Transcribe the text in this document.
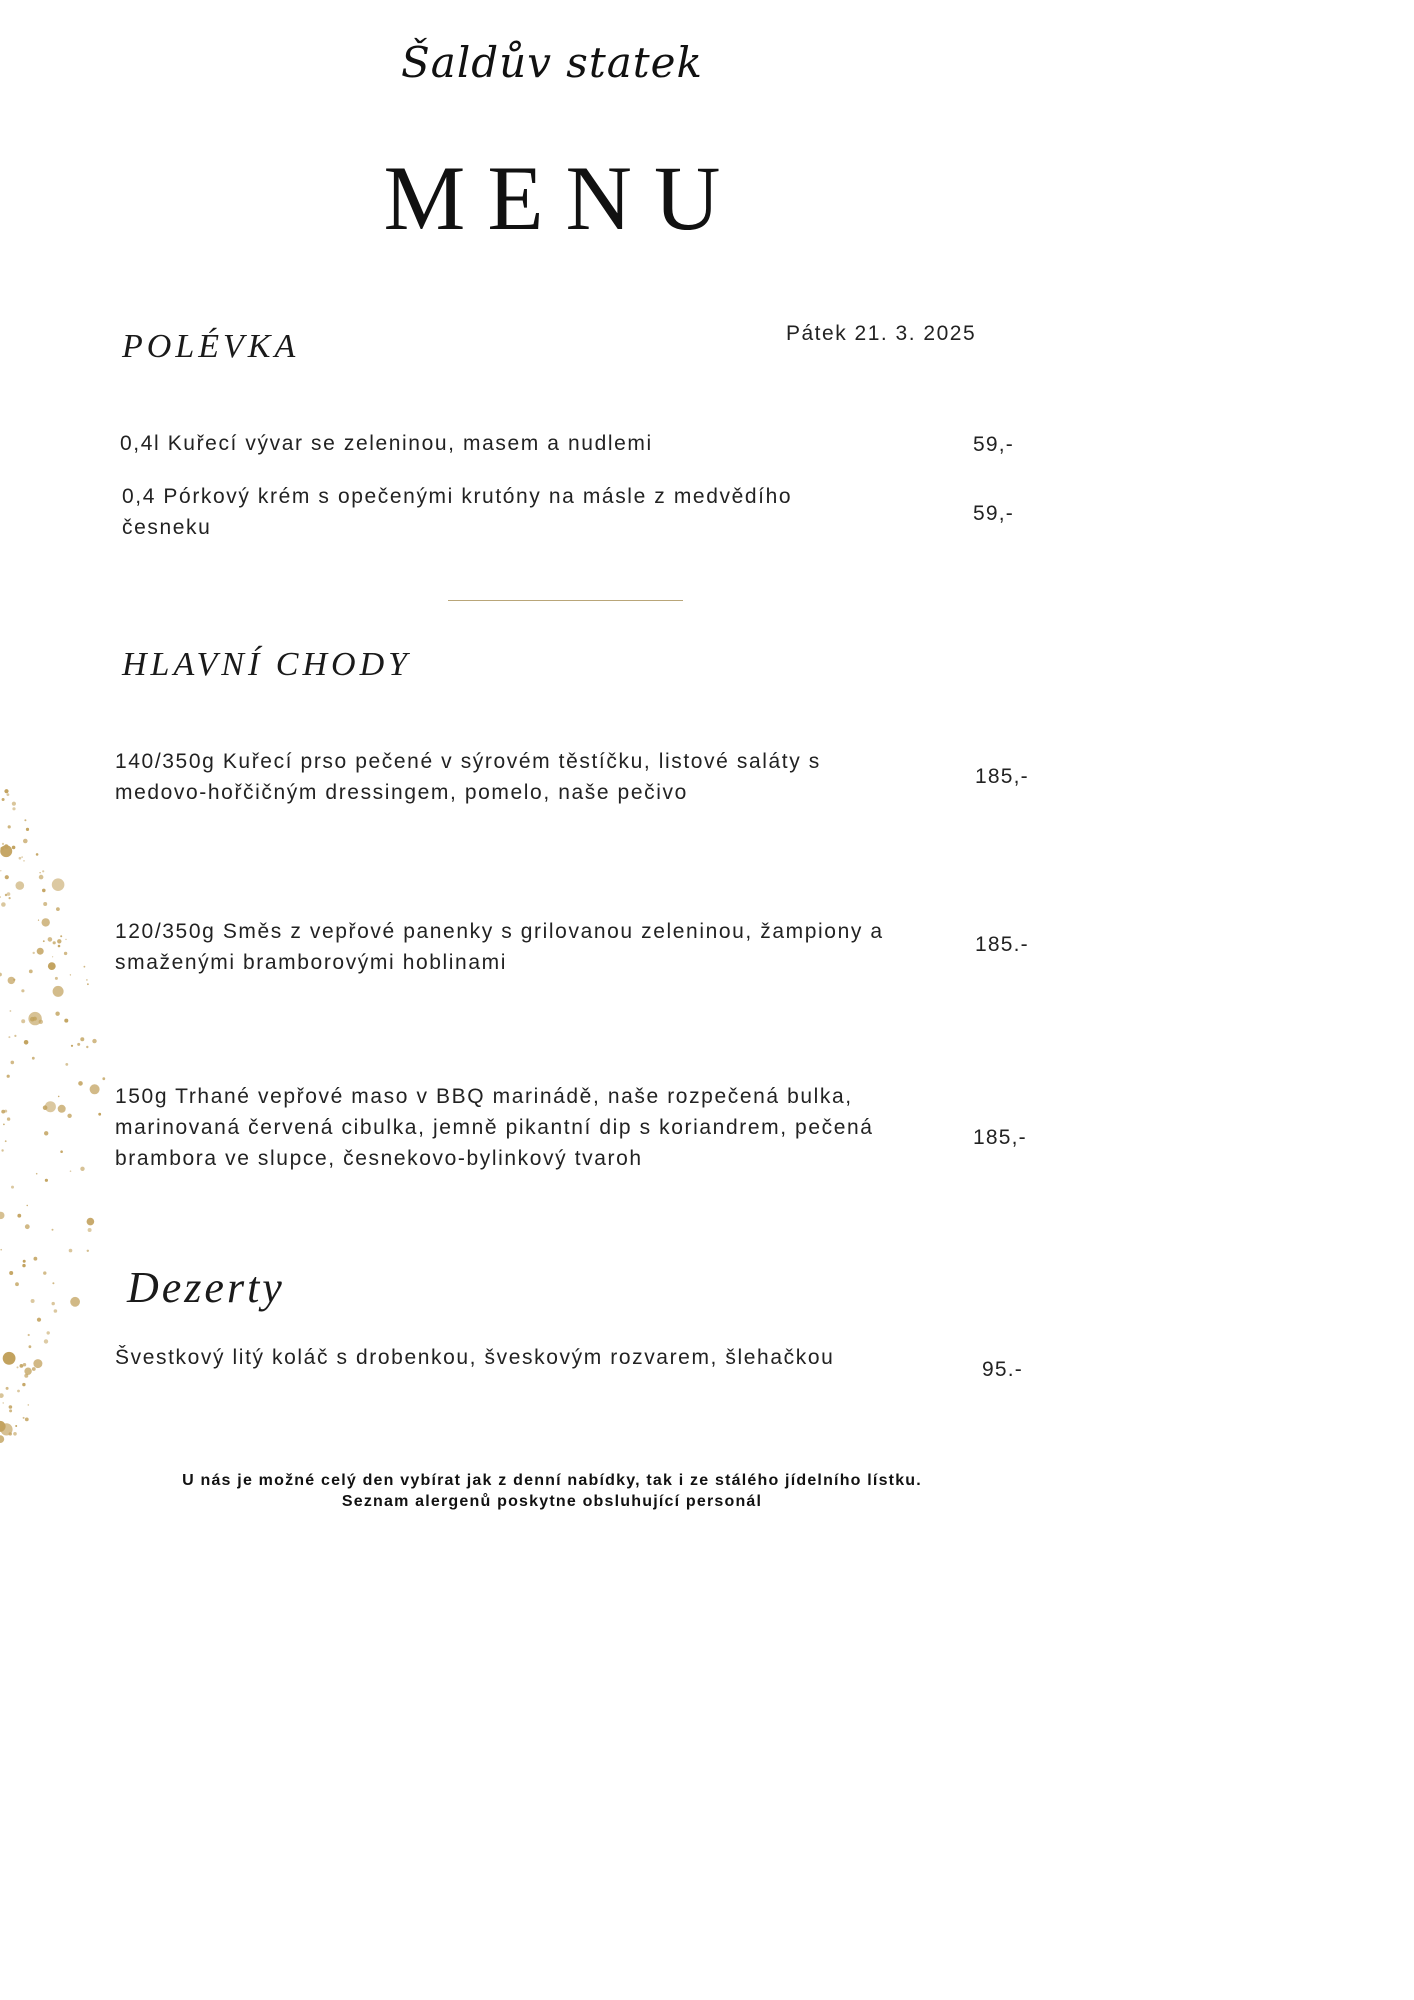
Šaldův statek
MENU
Pátek 21. 3. 2025
POLÉVKA
0,4l Kuřecí vývar se zeleninou, masem a nudlemi	59,-
0,4 Pórkový krém s opečenými krutóny na másle z medvědího česneku
59,-
HLAVNÍ CHODY
140/350g Kuřecí prso pečené v sýrovém těstíčku, listové saláty s medovo-hořčičným dressingem, pomelo, naše pečivo
185,-
120/350g Směs z vepřové panenky s grilovanou zeleninou, žampiony a smaženými bramborovými hoblinami
185.-
150g Trhané vepřové maso v BBQ marinádě, naše rozpečená bulka, marinovaná červená cibulka, jemně pikantní dip s koriandrem, pečená brambora ve slupce, česnekovo-bylinkový tvaroh
185,-
Dezerty
Švestkový litý koláč s drobenkou, šveskovým rozvarem, šlehačkou
95.-
U nás je možné celý den vybírat jak z denní nabídky, tak i ze stálého jídelního lístku.
Seznam alergenů poskytne obsluhující personál
